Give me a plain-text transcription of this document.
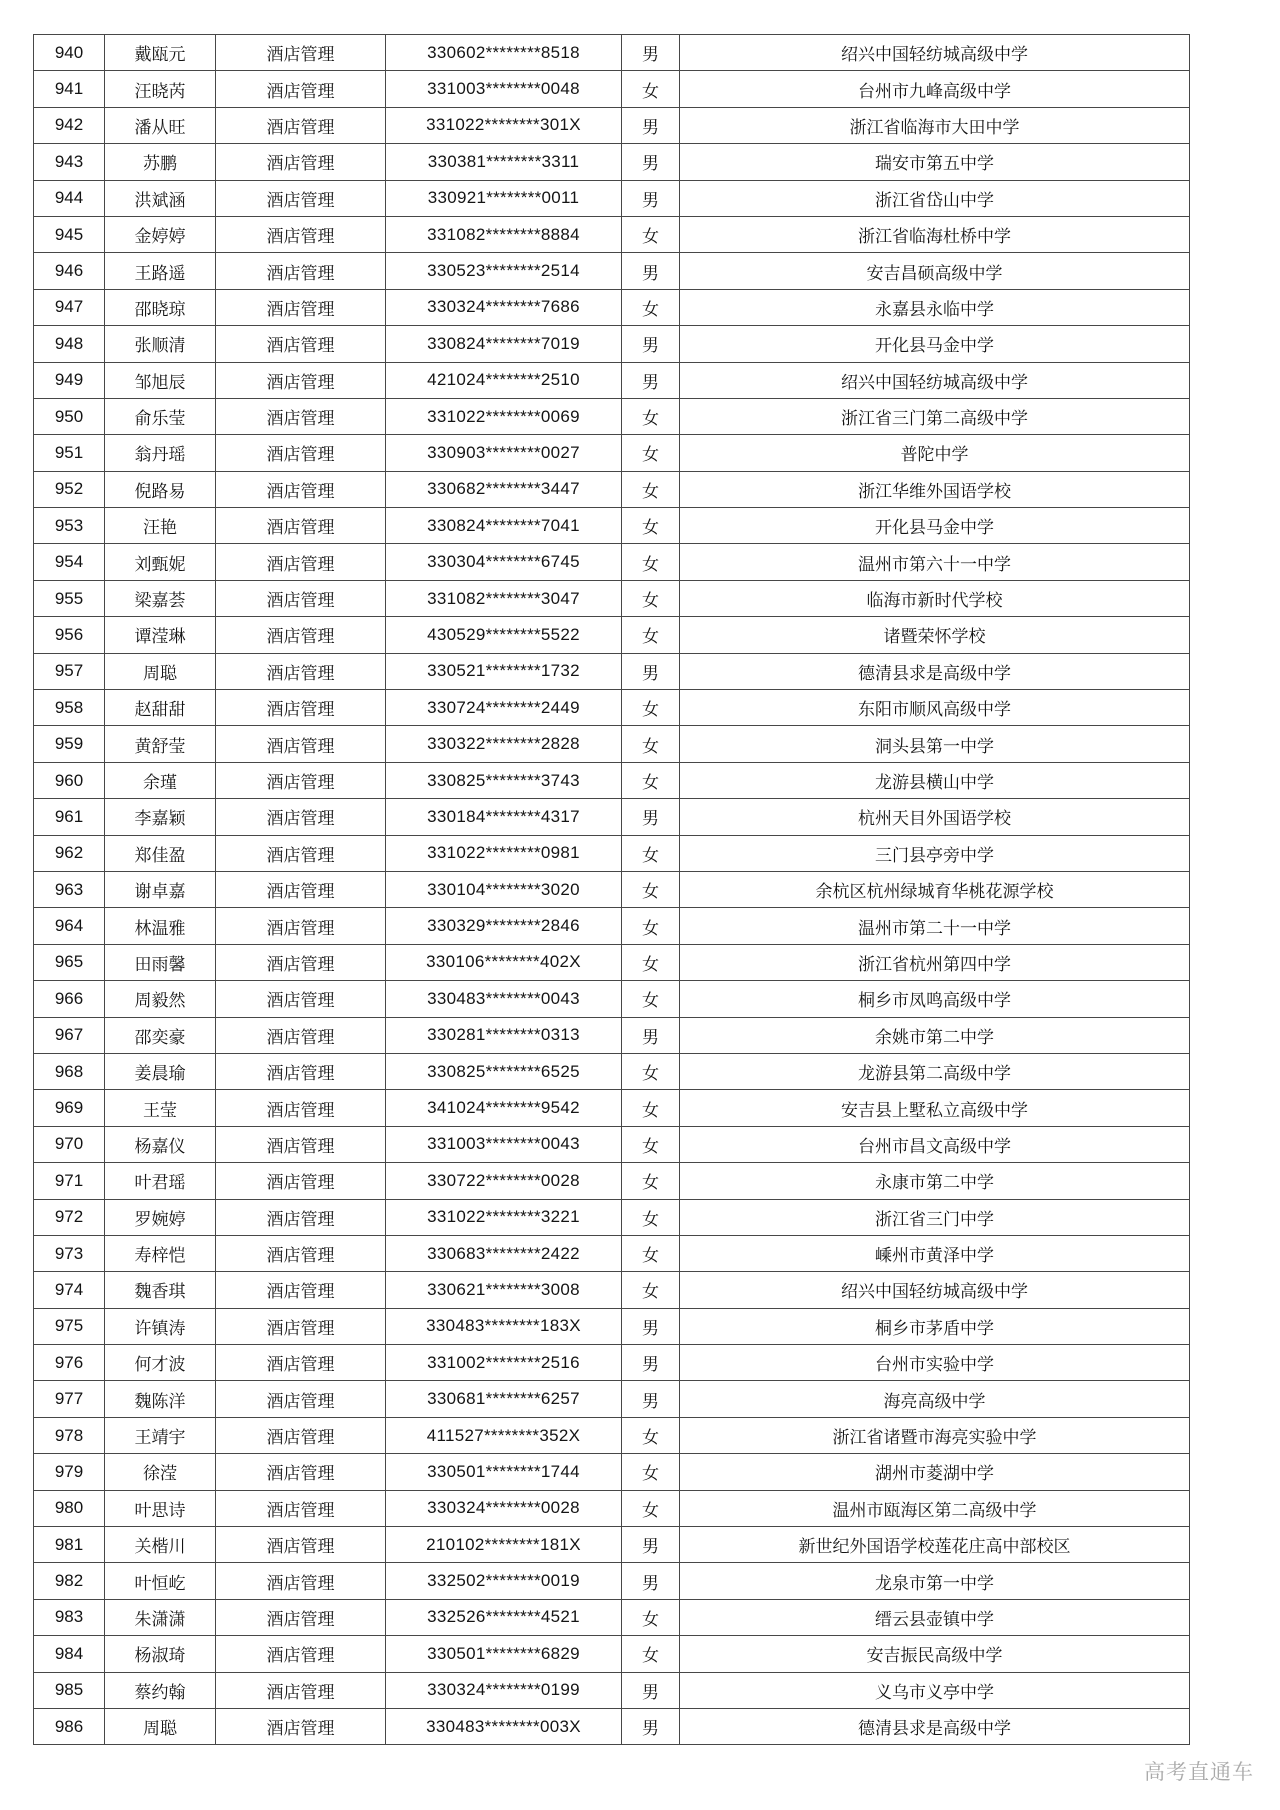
940	戴瓯元	酒店管理	330602********8518	男	绍兴中国轻纺城高级中学
941	汪晓芮	酒店管理	331003********0048	女	台州市九峰高级中学
942	潘从旺	酒店管理	331022********301X	男	浙江省临海市大田中学
943	苏鹏	酒店管理	330381********3311	男	瑞安市第五中学
944	洪斌涵	酒店管理	330921********0011	男	浙江省岱山中学
945	金婷婷	酒店管理	331082********8884	女	浙江省临海杜桥中学
946	王路遥	酒店管理	330523********2514	男	安吉昌硕高级中学
947	邵晓琼	酒店管理	330324********7686	女	永嘉县永临中学
948	张顺清	酒店管理	330824********7019	男	开化县马金中学
949	邹旭辰	酒店管理	421024********2510	男	绍兴中国轻纺城高级中学
950	俞乐莹	酒店管理	331022********0069	女	浙江省三门第二高级中学
951	翁丹瑶	酒店管理	330903********0027	女	普陀中学
952	倪路易	酒店管理	330682********3447	女	浙江华维外国语学校
953	汪艳	酒店管理	330824********7041	女	开化县马金中学
954	刘甄妮	酒店管理	330304********6745	女	温州市第六十一中学
955	梁嘉荟	酒店管理	331082********3047	女	临海市新时代学校
956	谭滢琳	酒店管理	430529********5522	女	诸暨荣怀学校
957	周聪	酒店管理	330521********1732	男	德清县求是高级中学
958	赵甜甜	酒店管理	330724********2449	女	东阳市顺风高级中学
959	黄舒莹	酒店管理	330322********2828	女	洞头县第一中学
960	余瑾	酒店管理	330825********3743	女	龙游县横山中学
961	李嘉颖	酒店管理	330184********4317	男	杭州天目外国语学校
962	郑佳盈	酒店管理	331022********0981	女	三门县亭旁中学
963	谢卓嘉	酒店管理	330104********3020	女	余杭区杭州绿城育华桃花源学校
964	林温雅	酒店管理	330329********2846	女	温州市第二十一中学
965	田雨馨	酒店管理	330106********402X	女	浙江省杭州第四中学
966	周毅然	酒店管理	330483********0043	女	桐乡市凤鸣高级中学
967	邵奕豪	酒店管理	330281********0313	男	余姚市第二中学
968	姜晨瑜	酒店管理	330825********6525	女	龙游县第二高级中学
969	王莹	酒店管理	341024********9542	女	安吉县上墅私立高级中学
970	杨嘉仪	酒店管理	331003********0043	女	台州市昌文高级中学
971	叶君瑶	酒店管理	330722********0028	女	永康市第二中学
972	罗婉婷	酒店管理	331022********3221	女	浙江省三门中学
973	寿梓恺	酒店管理	330683********2422	女	嵊州市黄泽中学
974	魏香琪	酒店管理	330621********3008	女	绍兴中国轻纺城高级中学
975	许镇涛	酒店管理	330483********183X	男	桐乡市茅盾中学
976	何才波	酒店管理	331002********2516	男	台州市实验中学
977	魏陈洋	酒店管理	330681********6257	男	海亮高级中学
978	王靖宇	酒店管理	411527********352X	女	浙江省诸暨市海亮实验中学
979	徐滢	酒店管理	330501********1744	女	湖州市菱湖中学
980	叶思诗	酒店管理	330324********0028	女	温州市瓯海区第二高级中学
981	关楷川	酒店管理	210102********181X	男	新世纪外国语学校莲花庄高中部校区
982	叶恒屹	酒店管理	332502********0019	男	龙泉市第一中学
983	朱潇潇	酒店管理	332526********4521	女	缙云县壶镇中学
984	杨淑琦	酒店管理	330501********6829	女	安吉振民高级中学
985	蔡约翰	酒店管理	330324********0199	男	义乌市义亭中学
986	周聪	酒店管理	330483********003X	男	德清县求是高级中学
高考直通车
